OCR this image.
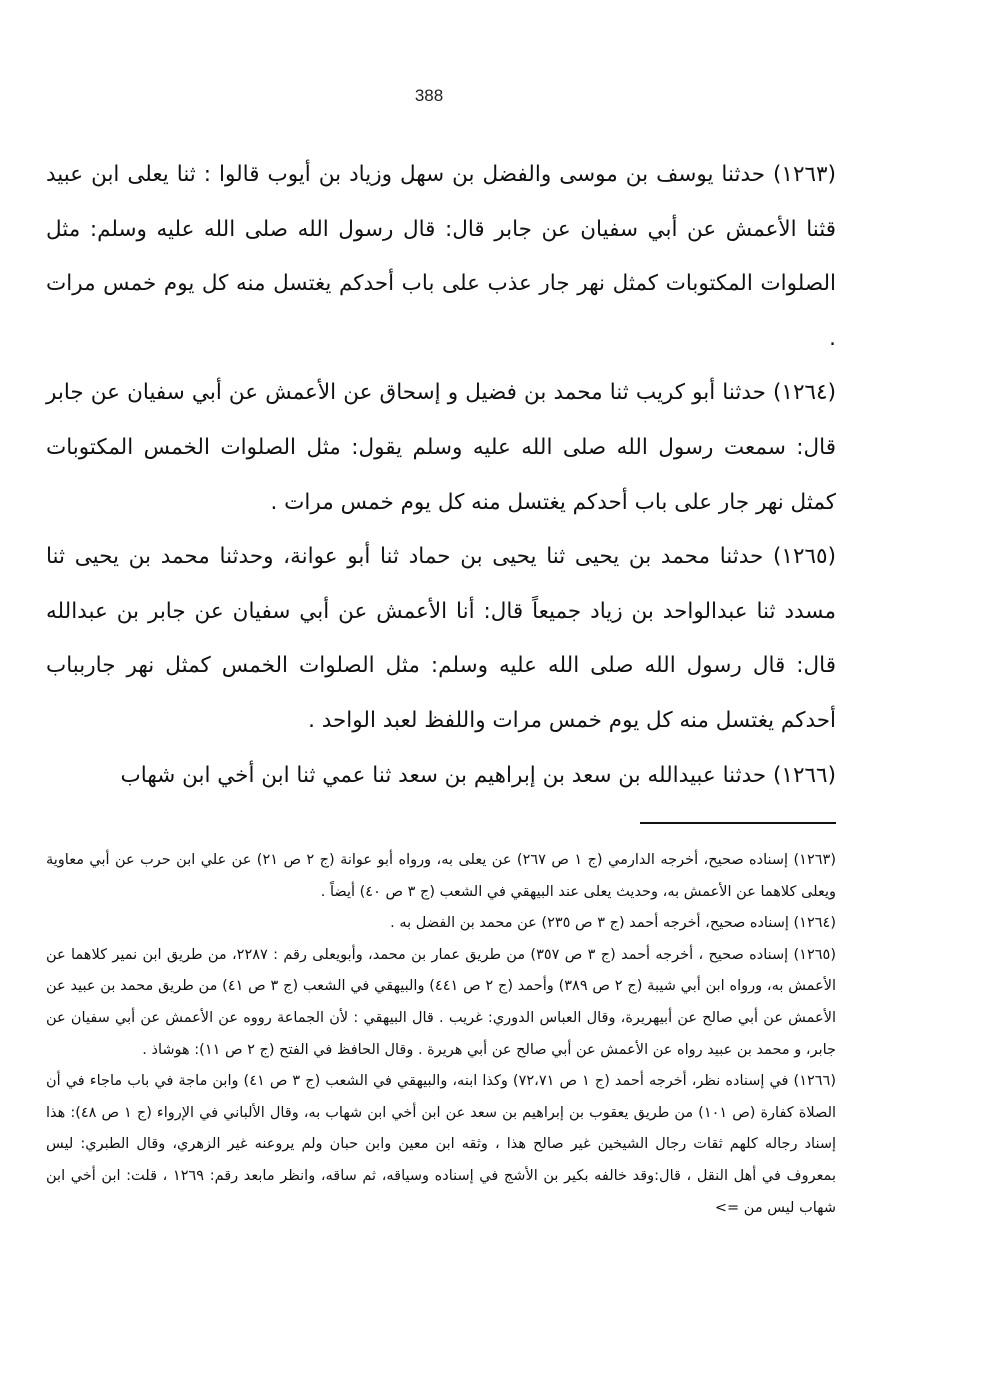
388

(١٢٦٣) حدثنا يوسف بن موسى والفضل بن سهل وزياد بن أيوب قالوا : ثنا يعلى ابن عبيد قثنا الأعمش عن أبي سفيان عن جابر قال: قال رسول الله صلى الله عليه وسلم: مثل الصلوات المكتوبات كمثل نهر جار عذب على باب أحدكم يغتسل منه كل يوم خمس مرات .

(١٢٦٤) حدثنا أبو كريب ثنا محمد بن فضيل و إسحاق عن الأعمش عن أبي سفيان عن جابر قال: سمعت رسول الله صلى الله عليه وسلم يقول: مثل الصلوات الخمس المكتوبات كمثل نهر جار على باب أحدكم يغتسل منه كل يوم خمس مرات .

(١٢٦٥) حدثنا محمد بن يحيى ثنا يحيى بن حماد ثنا أبو عوانة، وحدثنا محمد بن يحيى ثنا مسدد ثنا عبدالواحد بن زياد جميعاً قال: أنا الأعمش عن أبي سفيان عن جابر بن عبدالله قال: قال رسول الله صلى الله عليه وسلم: مثل الصلوات الخمس كمثل نهر جاربباب أحدكم يغتسل منه كل يوم خمس مرات واللفظ لعبد الواحد .

(١٢٦٦) حدثنا عبيدالله بن سعد بن إبراهيم بن سعد ثنا عمي ثنا ابن أخي ابن شهاب

(١٢٦٣) إسناده صحيح، أخرجه الدارمي (ج ١ ص ٢٦٧) عن يعلى به، ورواه أبو عوانة (ج ٢ ص ٢١) عن علي ابن حرب عن أبي معاوية ويعلى كلاهما عن الأعمش به، وحديث يعلى عند البيهقي في الشعب (ج ٣ ص ٤٠) أيضاً .

(١٢٦٤) إسناده صحيح، أخرجه أحمد (ج ٣ ص ٢٣٥) عن محمد بن الفضل به .

(١٢٦٥) إسناده صحيح ، أخرجه أحمد (ج ٣ ص ٣٥٧) من طريق عمار بن محمد، وأبويعلى رقم : ٢٢٨٧، من طريق ابن نمير كلاهما عن الأعمش به، ورواه ابن أبي شيبة (ج ٢ ص ٣٨٩) وأحمد (ج ٢ ص ٤٤١) والبيهقي في الشعب (ج ٣ ص ٤١) من طريق محمد بن عبيد عن الأعمش عن أبي صالح عن أبيهريرة، وقال العباس الدوري: غريب . قال البيهقي : لأن الجماعة رووه عن الأعمش عن أبي سفيان عن جابر، و محمد بن عبيد رواه عن الأعمش عن أبي صالح عن أبي هريرة . وقال الحافظ في الفتح (ج ٢ ص ١١): هوشاذ .

(١٢٦٦) في إسناده نظر، أخرجه أحمد (ج ١ ص ٧٢،٧١) وكذا ابنه، والبيهقي في الشعب (ج ٣ ص ٤١) وابن ماجة في باب ماجاء في أن الصلاة كفارة (ص ١٠١) من طريق يعقوب بن إبراهيم بن سعد عن ابن أخي ابن شهاب به، وقال الألباني في الإرواء (ج ١ ص ٤٨): هذا إسناد رجاله كلهم ثقات رجال الشيخين غير صالح هذا ، وثقه ابن معين وابن حبان ولم يروعنه غير الزهري، وقال الطبري: ليس بمعروف في أهل النقل ، قال:وقد خالفه بكير بن الأشج في إسناده وسياقه، ثم ساقه، وانظر مابعد رقم: ١٢٦٩ ، قلت: ابن أخي ابن شهاب ليس من =>
